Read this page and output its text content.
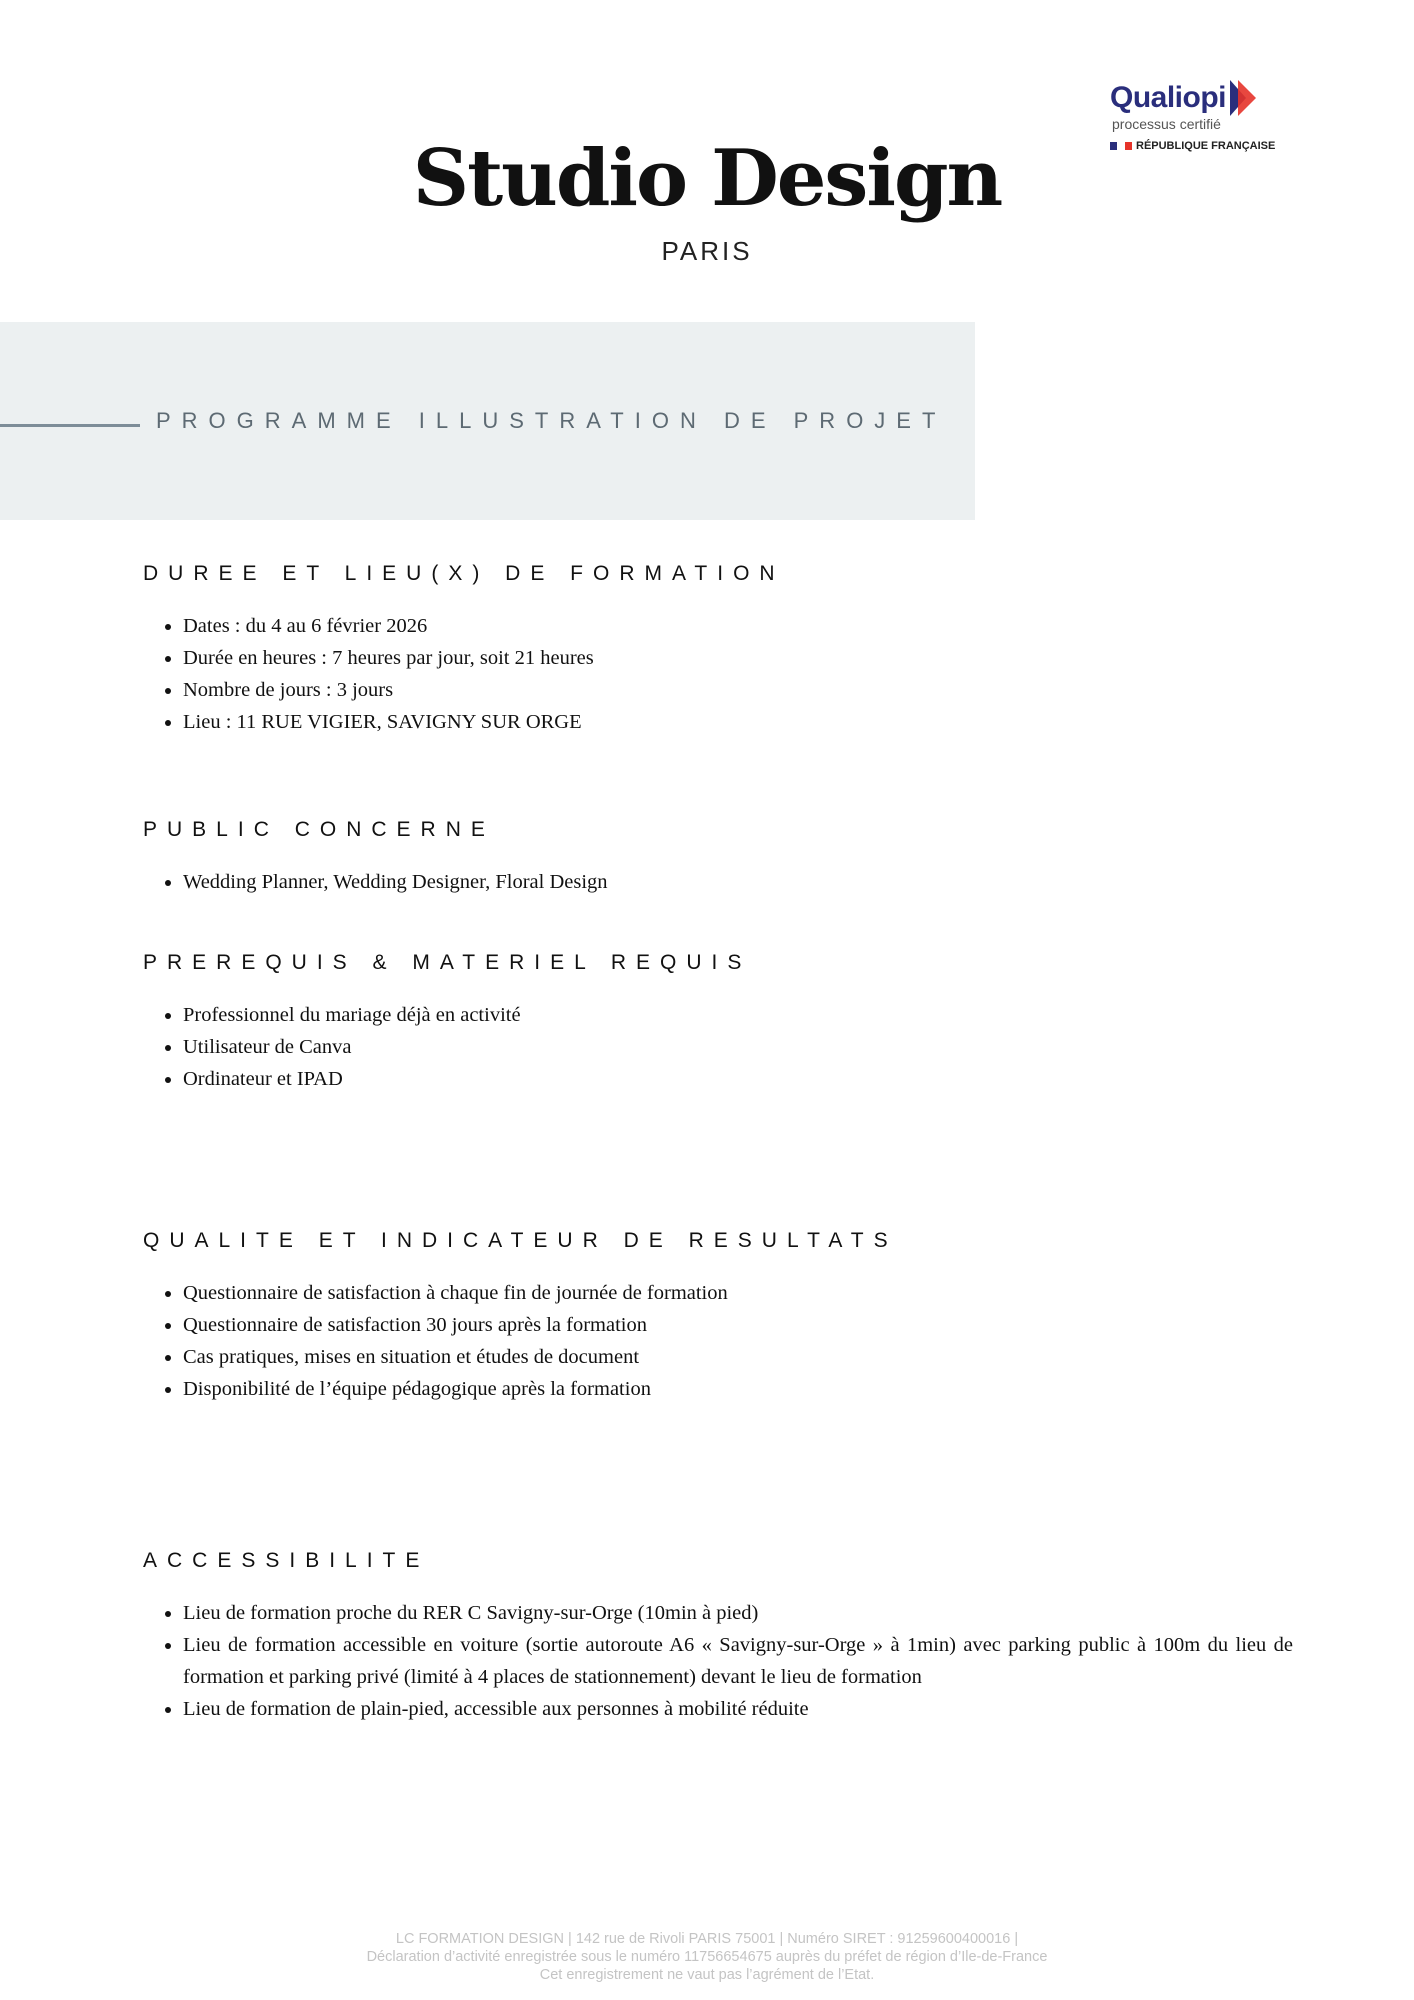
Studio Design
PARIS
Qualiopi
processus certifié
RÉPUBLIQUE FRANÇAISE
PROGRAMME ILLUSTRATION DE PROJET
DUREE ET LIEU(X) DE FORMATION
• Dates : du 4 au 6 février 2026
• Durée en heures : 7 heures par jour, soit 21 heures
• Nombre de jours : 3 jours
• Lieu : 11 RUE VIGIER, SAVIGNY SUR ORGE
PUBLIC CONCERNE
• Wedding Planner, Wedding Designer, Floral Design
PREREQUIS & MATERIEL REQUIS
• Professionnel du mariage déjà en activité
• Utilisateur de Canva
• Ordinateur et IPAD
QUALITE ET INDICATEUR DE RESULTATS
• Questionnaire de satisfaction à chaque fin de journée de formation
• Questionnaire de satisfaction 30 jours après la formation
• Cas pratiques, mises en situation et études de document
• Disponibilité de l’équipe pédagogique après la formation
ACCESSIBILITE
• Lieu de formation proche du RER C Savigny-sur-Orge (10min à pied)
• Lieu de formation accessible en voiture (sortie autoroute A6 « Savigny-sur-Orge » à 1min) avec parking public à 100m du lieu de formation et parking privé (limité à 4 places de stationnement) devant le lieu de formation
• Lieu de formation de plain-pied, accessible aux personnes à mobilité réduite
LC FORMATION DESIGN | 142 rue de Rivoli PARIS 75001 | Numéro SIRET : 91259600400016 |
Déclaration d’activité enregistrée sous le numéro 11756654675 auprès du préfet de région d’Ile-de-France
Cet enregistrement ne vaut pas l’agrément de l’Etat.
